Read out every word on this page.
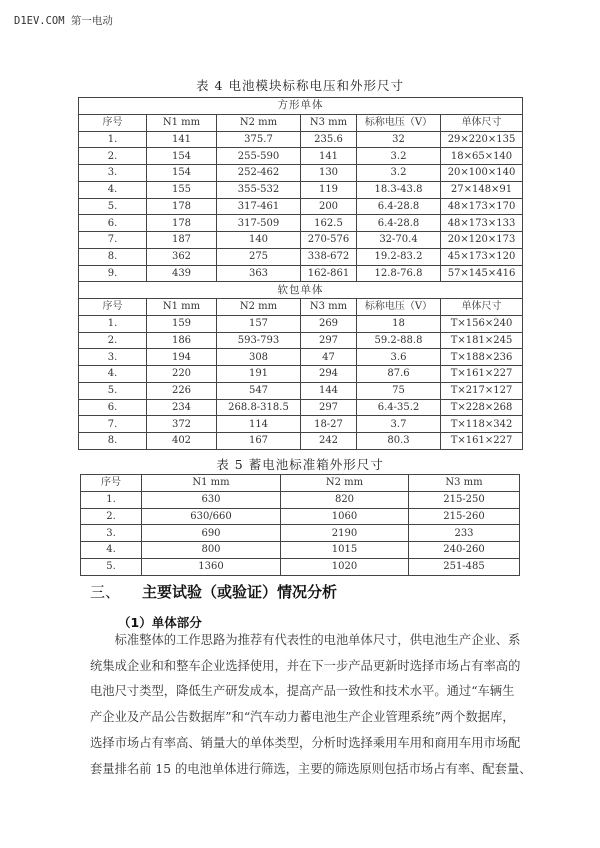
D1EV.COM 第一电动
表 4 电池模块标称电压和外形尺寸
方形单体					
序号	N1 mm	N2 mm	N3 mm	标称电压（V）	单体尺寸
1.	141	375.7	235.6	32	29×220×135
2.	154	255-590	141	3.2	18×65×140
3.	154	252-462	130	3.2	20×100×140
4.	155	355-532	119	18.3-43.8	27×148×91
5.	178	317-461	200	6.4-28.8	48×173×170
6.	178	317-509	162.5	6.4-28.8	48×173×133
7.	187	140	270-576	32-70.4	20×120×173
8.	362	275	338-672	19.2-83.2	45×173×120
9.	439	363	162-861	12.8-76.8	57×145×416
软包单体					
序号	N1 mm	N2 mm	N3 mm	标称电压（V）	单体尺寸
1.	159	157	269	18	T×156×240
2.	186	593-793	297	59.2-88.8	T×181×245
3.	194	308	47	3.6	T×188×236
4.	220	191	294	87.6	T×161×227
5.	226	547	144	75	T×217×127
6.	234	268.8-318.5	297	6.4-35.2	T×228×268
7.	372	114	18-27	3.7	T×118×342
8.	402	167	242	80.3	T×161×227
表 5 蓄电池标准箱外形尺寸
序号	N1 mm	N2 mm	N3 mm
1.	630	820	215-250
2.	630/660	1060	215-260
3.	690	2190	233
4.	800	1015	240-260
5.	1360	1020	251-485
三、 主要试验（或验证）情况分析
（1）单体部分

　　标准整体的工作思路为推荐有代表性的电池单体尺寸，供电池生产企业、系

统集成企业和和整车企业选择使用，并在下一步产品更新时选择市场占有率高的

电池尺寸类型，降低生产研发成本，提高产品一致性和技术水平。通过“车辆生

产企业及产品公告数据库”和“汽车动力蓄电池生产企业管理系统”两个数据库，

选择市场占有率高、销量大的单体类型，分析时选择乘用车用和商用车用市场配

套量排名前 15 的电池单体进行筛选，主要的筛选原则包括市场占有率、配套量、
